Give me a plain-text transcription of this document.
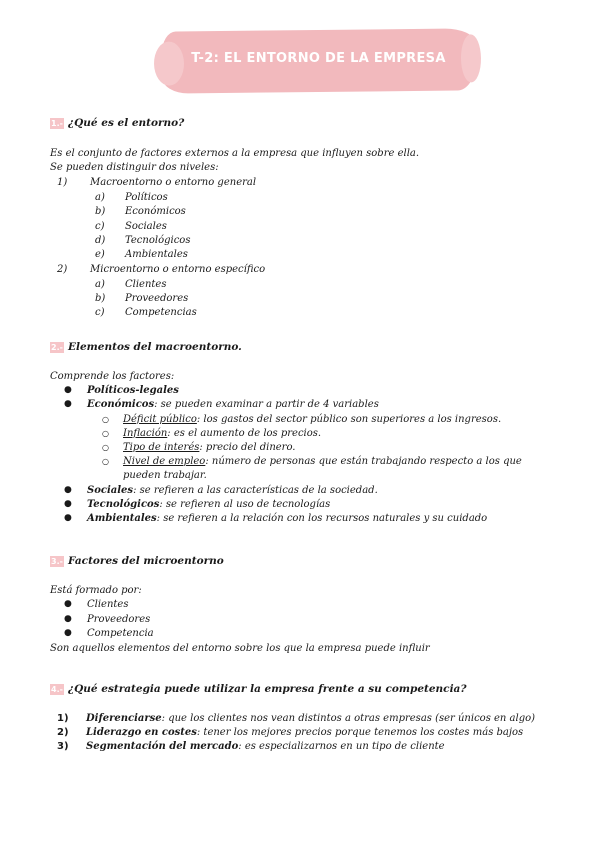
T-2: EL ENTORNO DE LA EMPRESA
1.- ¿Qué es el entorno?
Es el conjunto de factores externos a la empresa que influyen sobre ella.
Se pueden distinguir dos niveles:
1) Macroentorno o entorno general
a) Políticos
b) Económicos
c) Sociales
d) Tecnológicos
e) Ambientales
2) Microentorno o entorno específico
a) Clientes
b) Proveedores
c) Competencias
2.- Elementos del macroentorno.
Comprende los factores:
● Políticos-legales
● Económicos: se pueden examinar a partir de 4 variables
○ Déficit público: los gastos del sector público son superiores a los ingresos.
○ Inflación: es el aumento de los precios.
○ Tipo de interés: precio del dinero.
○ Nivel de empleo: número de personas que están trabajando respecto a los que
pueden trabajar.
● Sociales: se refieren a las características de la sociedad.
● Tecnológicos: se refieren al uso de tecnologías
● Ambientales: se refieren a la relación con los recursos naturales y su cuidado
3.- Factores del microentorno
Está formado por:
● Clientes
● Proveedores
● Competencia
Son aquellos elementos del entorno sobre los que la empresa puede influir
4.- ¿Qué estrategia puede utilizar la empresa frente a su competencia?
1) Diferenciarse: que los clientes nos vean distintos a otras empresas (ser únicos en algo)
2) Liderazgo en costes: tener los mejores precios porque tenemos los costes más bajos
3) Segmentación del mercado: es especializarnos en un tipo de cliente
